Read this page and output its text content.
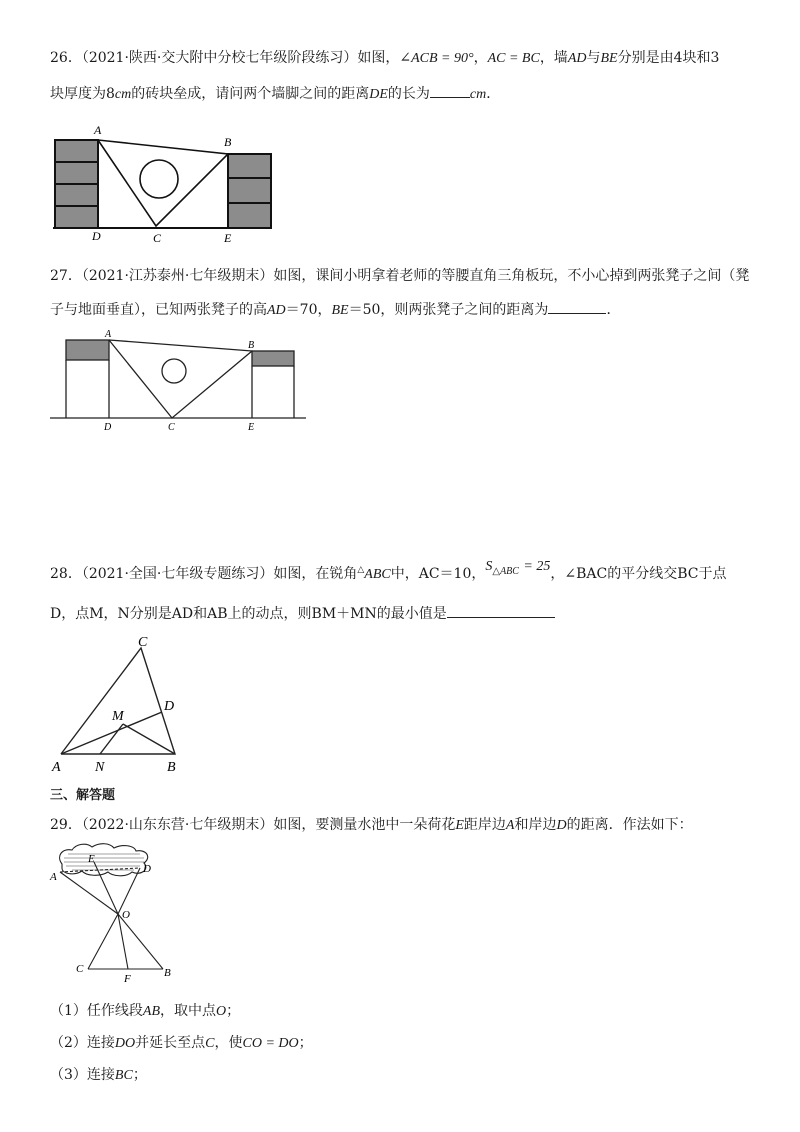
26．（2021·陕西·交大附中分校七年级阶段练习）如图，∠ACB = 90°，AC = BC，墙AD与BE分别是由4块和3
块厚度为8cm的砖块垒成，请问两个墙脚之间的距离DE的长为	cm．
A
B
C
D	E
27．（2021·江苏泰州·七年级期末）如图，课间小明拿着老师的等腰直角三角板玩，不小心掉到两张凳子之间（凳
子与地面垂直），已知两张凳子的高AD＝70，BE＝50，则两张凳子之间的距离为	．
A
B
C
D	E
28．（2021·全国·七年级专题练习）如图，在锐角△ABC中，AC＝10，$S_{\triangle ABC} = 25$，∠BAC的平分线交BC于点
D，点M，N分别是AD和AB上的动点，则BM＋MN的最小值是
C
D
M
A N	B
三、解答题
29．（2022·山东东营·七年级期末）如图，要测量水池中一朵荷花E距岸边A和岸边D的距离．作法如下：
A
E
D
O
C
F	B
（1）任作线段AB，取中点O；
（2）连接DO并延长至点C，使CO = DO；
（3）连接BC；
